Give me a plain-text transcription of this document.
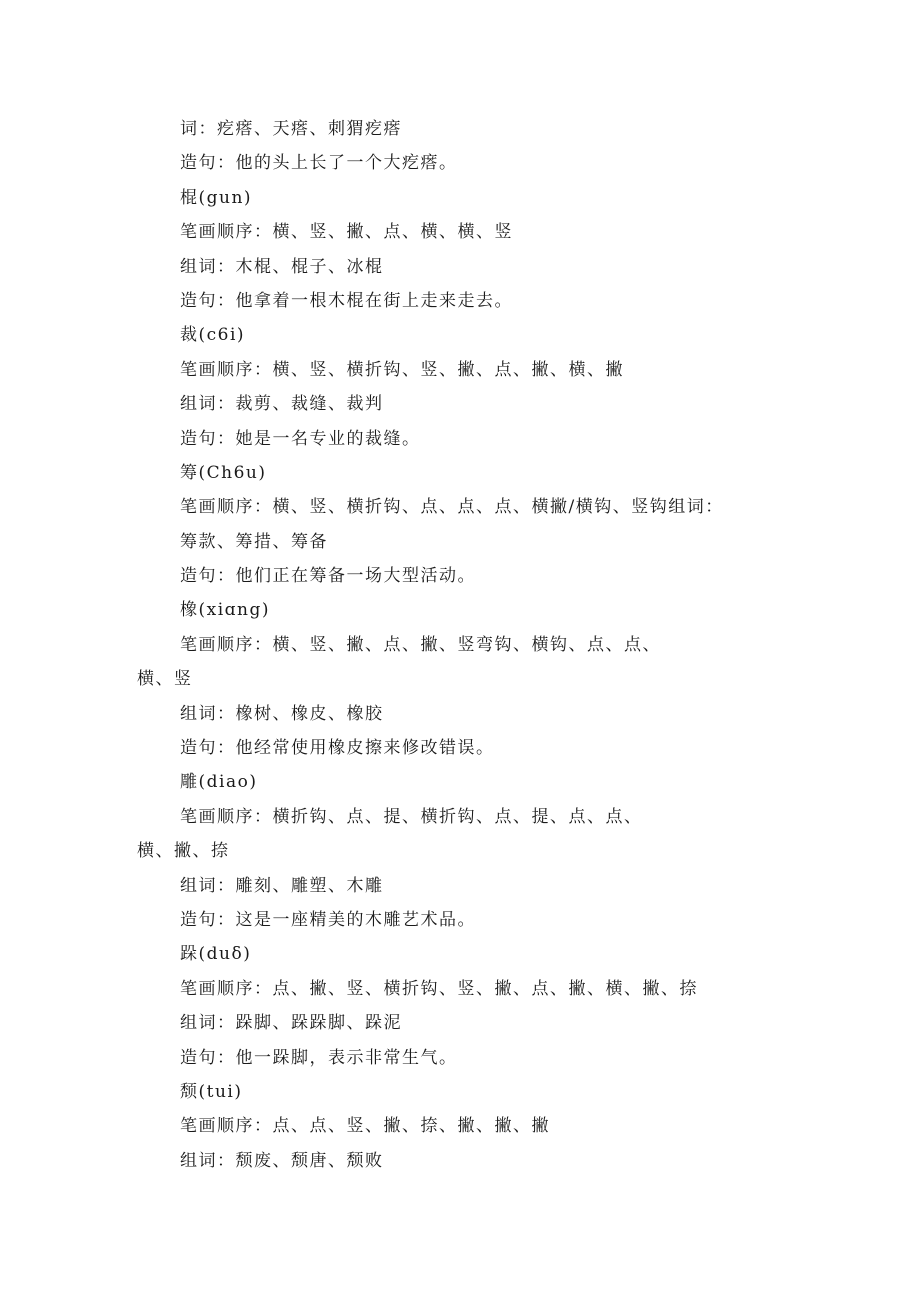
词：疙瘩、天瘩、刺猬疙瘩
造句：他的头上长了一个大疙瘩。
棍(gun)
笔画顺序：横、竖、撇、点、横、横、竖
组词：木棍、棍子、冰棍
造句：他拿着一根木棍在街上走来走去。
裁(c6i)
笔画顺序：横、竖、横折钩、竖、撇、点、撇、横、撇
组词：裁剪、裁缝、裁判
造句：她是一名专业的裁缝。
筹(Ch6u)
笔画顺序：横、竖、横折钩、点、点、点、横撇/横钩、竖钩组词：
筹款、筹措、筹备
造句：他们正在筹备一场大型活动。
橡(xiɑng)
笔画顺序：横、竖、撇、点、撇、竖弯钩、横钩、点、点、
横、竖
组词：橡树、橡皮、橡胶
造句：他经常使用橡皮擦来修改错误。
雕(diao)
笔画顺序：横折钩、点、提、横折钩、点、提、点、点、
横、撇、捺
组词：雕刻、雕塑、木雕
造句：这是一座精美的木雕艺术品。
跺(duδ)
笔画顺序：点、撇、竖、横折钩、竖、撇、点、撇、横、撇、捺
组词：跺脚、跺跺脚、跺泥
造句：他一跺脚，表示非常生气。
颓(tui)
笔画顺序：点、点、竖、撇、捺、撇、撇、撇
组词：颓废、颓唐、颓败
